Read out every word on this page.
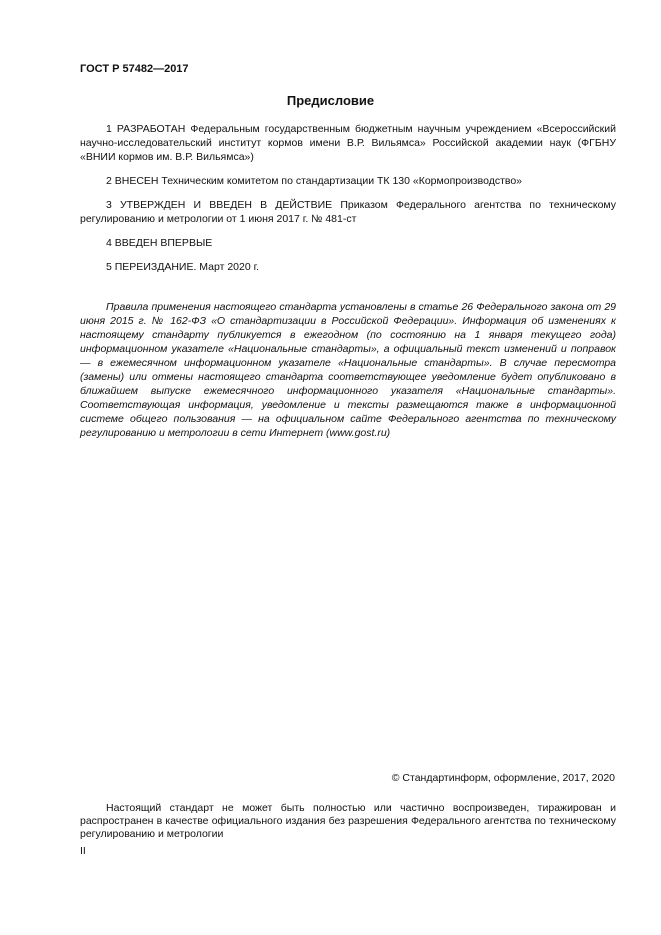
ГОСТ Р 57482—2017
Предисловие

1 РАЗРАБОТАН Федеральным государственным бюджетным научным учреждением «Всероссийский научно-исследовательский институт кормов имени В.Р. Вильямса» Российской академии наук (ФГБНУ «ВНИИ кормов им. В.Р. Вильямса»)

2 ВНЕСЕН Техническим комитетом по стандартизации ТК 130 «Кормопроизводство»

3 УТВЕРЖДЕН И ВВЕДЕН В ДЕЙСТВИЕ Приказом Федерального агентства по техническому регулированию и метрологии от 1 июня 2017 г. № 481-ст

4 ВВЕДЕН ВПЕРВЫЕ

5 ПЕРЕИЗДАНИЕ. Март 2020 г.

Правила применения настоящего стандарта установлены в статье 26 Федерального закона от 29 июня 2015 г. № 162-ФЗ «О стандартизации в Российской Федерации». Информация об изменениях к настоящему стандарту публикуется в ежегодном (по состоянию на 1 января текущего года) информационном указателе «Национальные стандарты», а официальный текст изменений и поправок — в ежемесячном информационном указателе «Национальные стандарты». В случае пересмотра (замены) или отмены настоящего стандарта соответствующее уведомление будет опубликовано в ближайшем выпуске ежемесячного информационного указателя «Национальные стандарты». Соответствующая информация, уведомление и тексты размещаются также в информационной системе общего пользования — на официальном сайте Федерального агентства по техническому регулированию и метрологии в сети Интернет (www.gost.ru)

© Стандартинформ, оформление, 2017, 2020

Настоящий стандарт не может быть полностью или частично воспроизведен, тиражирован и распространен в качестве официального издания без разрешения Федерального агентства по техническому регулированию и метрологии

II
